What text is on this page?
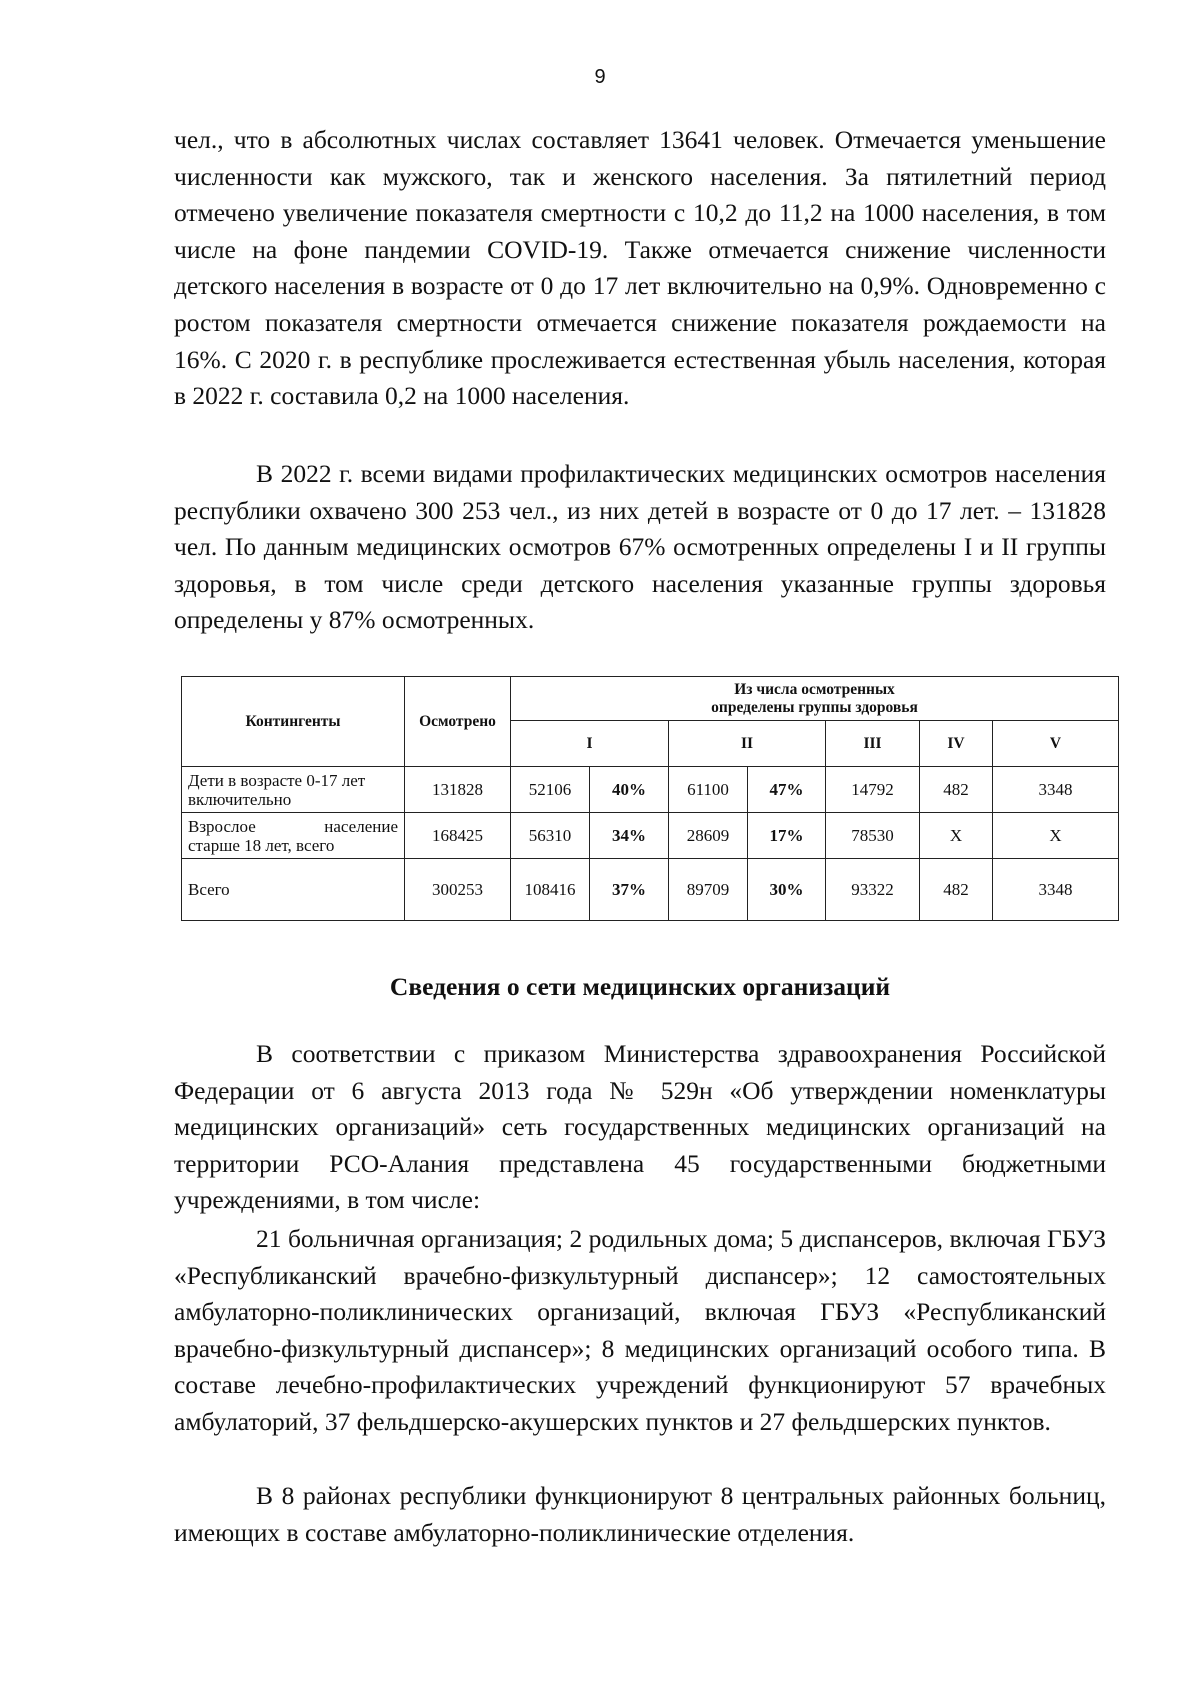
9

чел., что в абсолютных числах составляет 13641 человек. Отмечается уменьшение численности как мужского, так и женского населения. За пятилетний период отмечено увеличение показателя смертности с 10,2 до 11,2 на 1000 населения, в том числе на фоне пандемии COVID-19. Также отмечается снижение численности детского населения в возрасте от 0 до 17 лет включительно на 0,9%. Одновременно с ростом показателя смертности отмечается снижение показателя рождаемости на 16%. С 2020 г. в республике прослеживается естественная убыль населения, которая в 2022 г. составила 0,2 на 1000 населения.

В 2022 г. всеми видами профилактических медицинских осмотров населения республики охвачено 300 253 чел., из них детей в возрасте от 0 до 17 лет. – 131828 чел. По данным медицинских осмотров 67% осмотренных определены I и II группы здоровья, в том числе среди детского населения указанные группы здоровья определены у 87% осмотренных.

Контингенты	Осмотрено	Из числа осмотренных
определены группы здоровья						

		I		II		III	IV	V
Дети в возрасте 0-17 лет включительно	131828	52106	40%	61100	47%	14792	482	3348

Взрослое население
старше 18 лет, всего	168425	56310	34%	28609	17%	78530	Х	Х
Всего	300253	108416	37%	89709	30%	93322	482	3348
Сведения о сети медицинских организаций

В соответствии с приказом Министерства здравоохранения Российской Федерации от 6 августа 2013 года № 529н «Об утверждении номенклатуры медицинских организаций» сеть государственных медицинских организаций на территории РСО-Алания представлена 45 государственными бюджетными учреждениями, в том числе:

21 больничная организация; 2 родильных дома; 5 диспансеров, включая ГБУЗ «Республиканский врачебно-физкультурный диспансер»; 12 самостоятельных амбулаторно-поликлинических организаций, включая ГБУЗ «Республиканский врачебно-физкультурный диспансер»; 8 медицинских организаций особого типа. В составе лечебно-профилактических учреждений функционируют 57 врачебных амбулаторий, 37 фельдшерско-акушерских пунктов и 27 фельдшерских пунктов.

В 8 районах республики функционируют 8 центральных районных больниц, имеющих в составе амбулаторно-поликлинические отделения.
